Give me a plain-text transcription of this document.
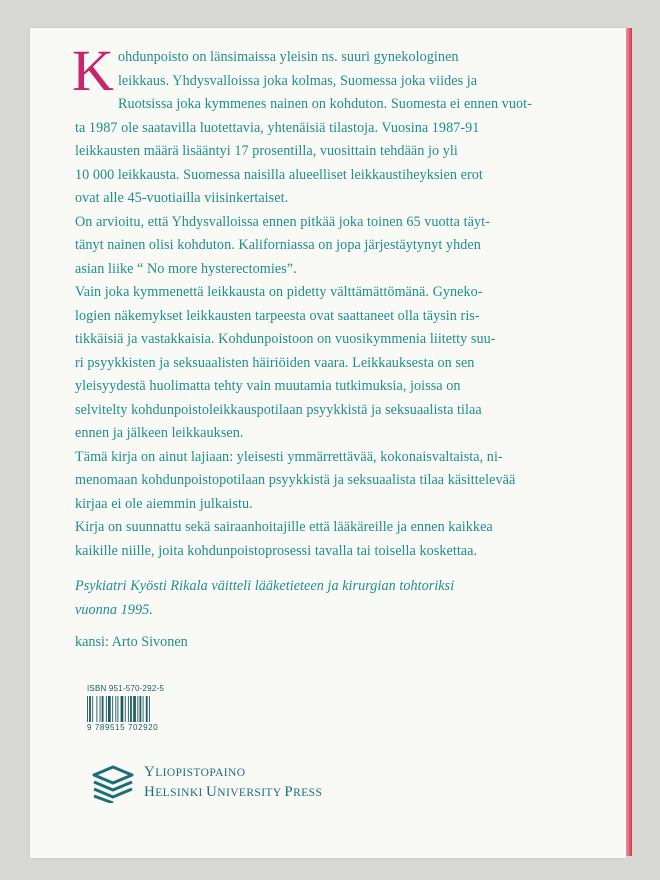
K ohdunpoisto on länsimaissa yleisin ns. suuri gynekologinen
leikkaus. Yhdysvalloissa joka kolmas, Suomessa joka viides ja
Ruotsissa joka kymmenes nainen on kohduton. Suomesta ei ennen vuot-
ta 1987 ole saatavilla luotettavia, yhtenäisiä tilastoja. Vuosina 1987-91
leikkausten määrä lisääntyi 17 prosentilla, vuosittain tehdään jo yli
10 000 leikkausta. Suomessa naisilla alueelliset leikkaustiheyksien erot
ovat alle 45-vuotiailla viisinkertaiset.
On arvioitu, että Yhdysvalloissa ennen pitkää joka toinen 65 vuotta täyt-
tänyt nainen olisi kohduton. Kaliforniassa on jopa järjestäytynyt yhden
asian liike “ No more hysterectomies”.
Vain joka kymmenettä leikkausta on pidetty välttämättömänä. Gyneko-
logien näkemykset leikkausten tarpeesta ovat saattaneet olla täysin ris-
tikkäisiä ja vastakkaisia. Kohdunpoistoon on vuosikymmenia liitetty suu-
ri psyykkisten ja seksuaalisten häiriöiden vaara. Leikkauksesta on sen
yleisyydestä huolimatta tehty vain muutamia tutkimuksia, joissa on
selvitelty kohdunpoistoleikkauspotilaan psyykkistä ja seksuaalista tilaa
ennen ja jälkeen leikkauksen.
Tämä kirja on ainut lajiaan: yleisesti ymmärrettävää, kokonaisvaltaista, ni-
menomaan kohdunpoistopotilaan psyykkistä ja seksuaalista tilaa käsittelevää
kirjaa ei ole aiemmin julkaistu.
Kirja on suunnattu sekä sairaanhoitajille että lääkäreille ja ennen kaikkea
kaikille niille, joita kohdunpoistoprosessi tavalla tai toisella koskettaa.
Psykiatri Kyösti Rikala väitteli lääketieteen ja kirurgian tohtoriksi
vuonna 1995.
kansi: Arto Sivonen
ISBN 951-570-292-5
9 789515 702920
YLIOPISTOPAINO
HELSINKI UNIVERSITY PRESS
